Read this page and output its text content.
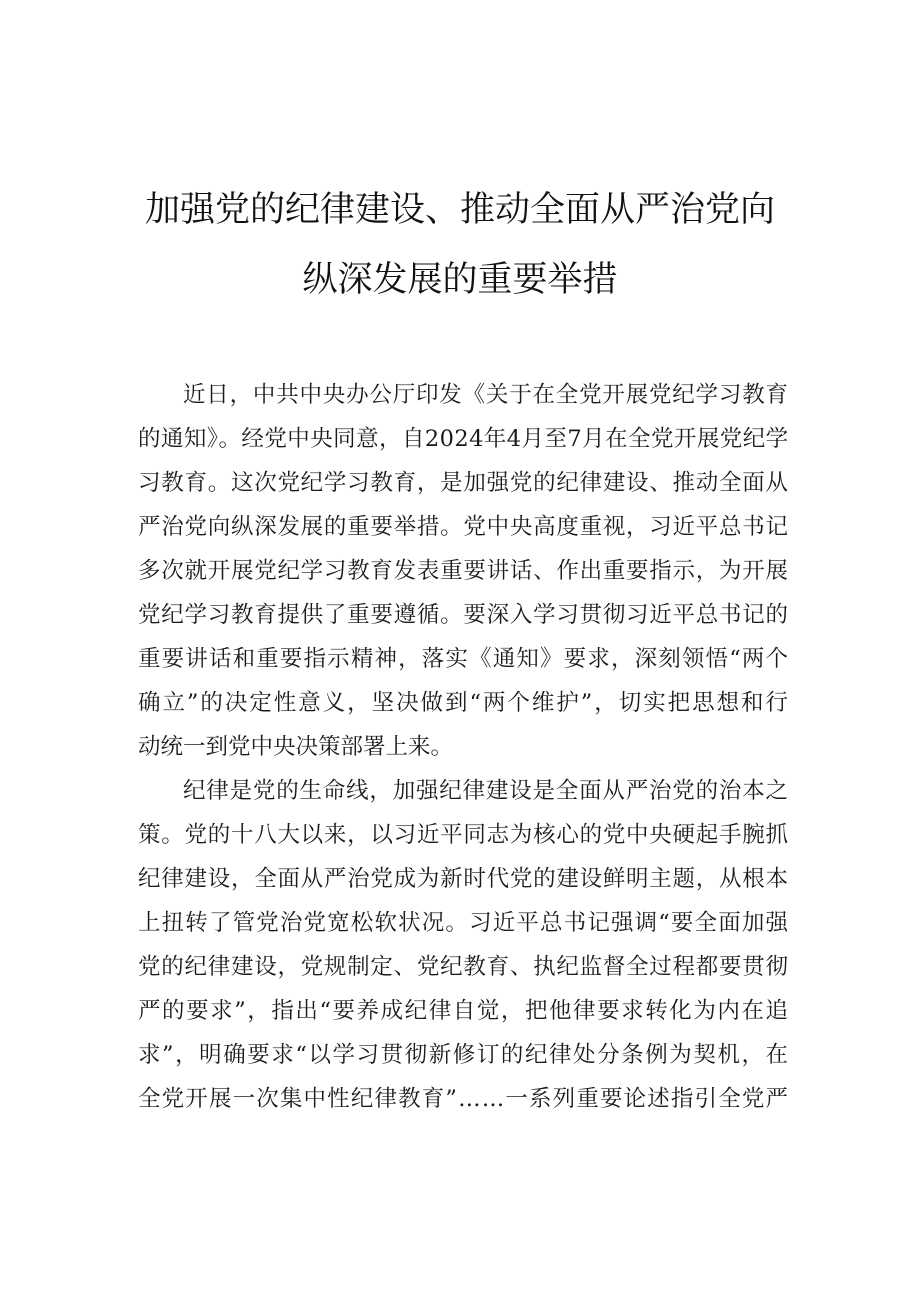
加强党的纪律建设、推动全面从严治党向
纵深发展的重要举措
近日，中共中央办公厅印发《关于在全党开展党纪学习教育
的通知》。经党中央同意，自2024年4月至7月在全党开展党纪学
习教育。这次党纪学习教育，是加强党的纪律建设、推动全面从
严治党向纵深发展的重要举措。党中央高度重视，习近平总书记
多次就开展党纪学习教育发表重要讲话、作出重要指示，为开展
党纪学习教育提供了重要遵循。要深入学习贯彻习近平总书记的
重要讲话和重要指示精神，落实《通知》要求，深刻领悟“两个
确立”的决定性意义，坚决做到“两个维护”，切实把思想和行
动统一到党中央决策部署上来。
纪律是党的生命线，加强纪律建设是全面从严治党的治本之
策。党的十八大以来，以习近平同志为核心的党中央硬起手腕抓
纪律建设，全面从严治党成为新时代党的建设鲜明主题，从根本
上扭转了管党治党宽松软状况。习近平总书记强调“要全面加强
党的纪律建设，党规制定、党纪教育、执纪监督全过程都要贯彻
严的要求”，指出“要养成纪律自觉，把他律要求转化为内在追
求”，明确要求“以学习贯彻新修订的纪律处分条例为契机，在
全党开展一次集中性纪律教育”……一系列重要论述指引全党严
